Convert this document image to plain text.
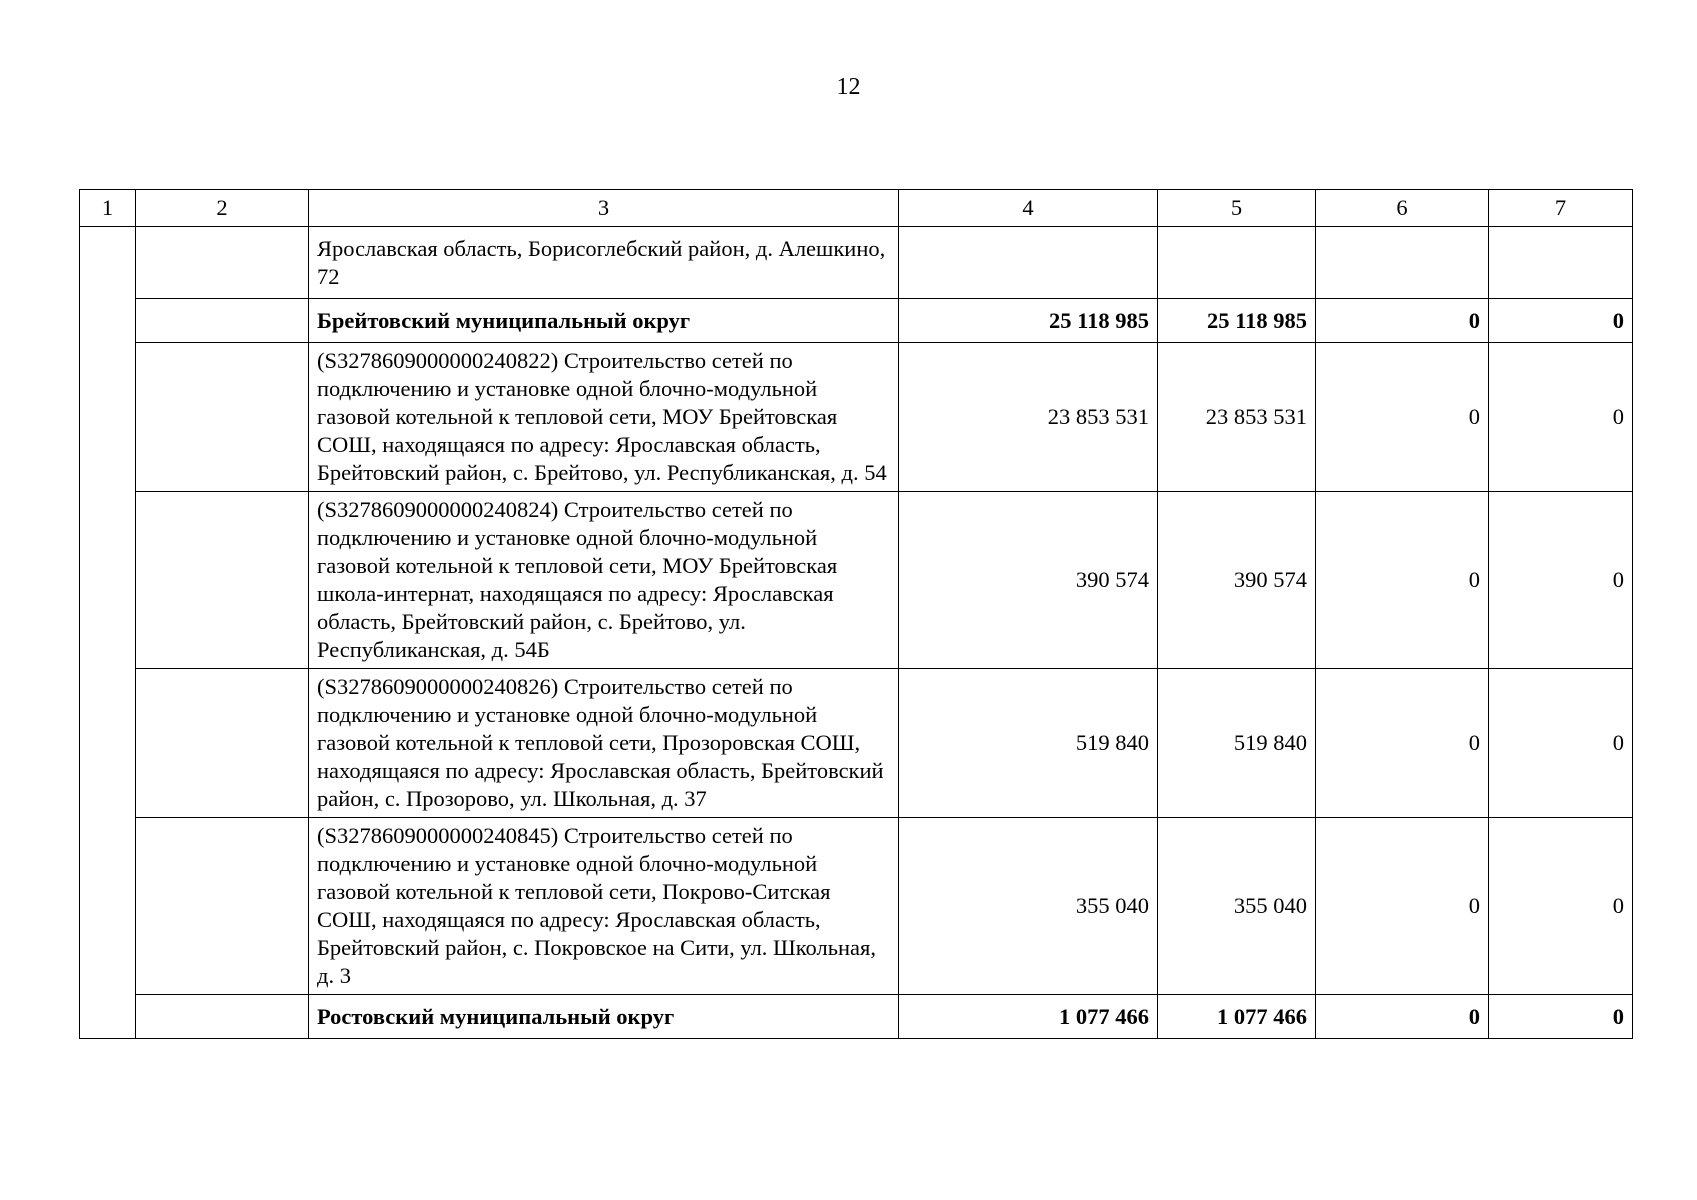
12
1	2	3	4	5	6	7
		Ярославская область, Борисоглебский район, д. Алешкино, 72				
		Брейтовский муниципальный округ	25 118 985	25 118 985	0	0
		(S3278609000000240822) Строительство сетей по подключению и установке одной блочно-модульной газовой котельной к тепловой сети, МОУ Брейтовская СОШ, находящаяся по адресу: Ярославская область, Брейтовский район, с. Брейтово, ул. Республиканская, д. 54	23 853 531	23 853 531	0	0
		(S3278609000000240824) Строительство сетей по подключению и установке одной блочно-модульной газовой котельной к тепловой сети, МОУ Брейтовская школа-интернат, находящаяся по адресу: Ярославская область, Брейтовский район, с. Брейтово, ул. Республиканская, д. 54Б	390 574	390 574	0	0
		(S3278609000000240826) Строительство сетей по подключению и установке одной блочно-модульной газовой котельной к тепловой сети, Прозоровская СОШ, находящаяся по адресу: Ярославская область, Брейтовский район, с. Прозорово, ул. Школьная, д. 37	519 840	519 840	0	0
		(S3278609000000240845) Строительство сетей по подключению и установке одной блочно-модульной газовой котельной к тепловой сети, Покрово-Ситская СОШ, находящаяся по адресу: Ярославская область, Брейтовский район, с. Покровское на Сити, ул. Школьная, д. 3	355 040	355 040	0	0
		Ростовский муниципальный округ	1 077 466	1 077 466	0	0
